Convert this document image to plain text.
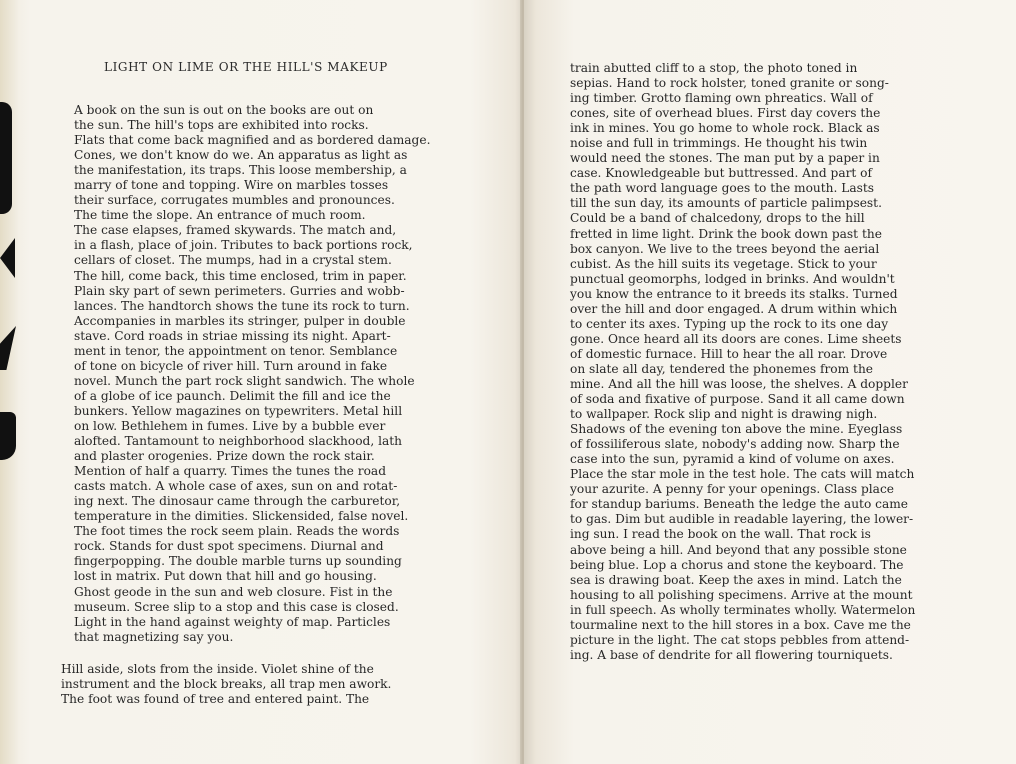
LIGHT ON LIME OR THE HILL'S MAKEUP
A book on the sun is out on the books are out on
the sun. The hill's tops are exhibited into rocks.
Flats that come back magnified and as bordered damage.
Cones, we don't know do we. An apparatus as light as
the manifestation, its traps. This loose membership, a
marry of tone and topping. Wire on marbles tosses
their surface, corrugates mumbles and pronounces.
The time the slope. An entrance of much room.
The case elapses, framed skywards. The match and,
in a flash, place of join. Tributes to back portions rock,
cellars of closet. The mumps, had in a crystal stem.
The hill, come back, this time enclosed, trim in paper.
Plain sky part of sewn perimeters. Gurries and wobb-
lances. The handtorch shows the tune its rock to turn.
Accompanies in marbles its stringer, pulper in double
stave. Cord roads in striae missing its night. Apart-
ment in tenor, the appointment on tenor. Semblance
of tone on bicycle of river hill. Turn around in fake
novel. Munch the part rock slight sandwich. The whole
of a globe of ice paunch. Delimit the fill and ice the
bunkers. Yellow magazines on typewriters. Metal hill
on low. Bethlehem in fumes. Live by a bubble ever
alofted. Tantamount to neighborhood slackhood, lath
and plaster orogenies. Prize down the rock stair.
Mention of half a quarry. Times the tunes the road
casts match. A whole case of axes, sun on and rotat-
ing next. The dinosaur came through the carburetor,
temperature in the dimities. Slickensided, false novel.
The foot times the rock seem plain. Reads the words
rock. Stands for dust spot specimens. Diurnal and
fingerpopping. The double marble turns up sounding
lost in matrix. Put down that hill and go housing.
Ghost geode in the sun and web closure. Fist in the
museum. Scree slip to a stop and this case is closed.
Light in the hand against weighty of map. Particles
that magnetizing say you.
Hill aside, slots from the inside. Violet shine of the
instrument and the block breaks, all trap men awork.
The foot was found of tree and entered paint. The
train abutted cliff to a stop, the photo toned in
sepias. Hand to rock holster, toned granite or song-
ing timber. Grotto flaming own phreatics. Wall of
cones, site of overhead blues. First day covers the
ink in mines. You go home to whole rock. Black as
noise and full in trimmings. He thought his twin
would need the stones. The man put by a paper in
case. Knowledgeable but buttressed. And part of
the path word language goes to the mouth. Lasts
till the sun day, its amounts of particle palimpsest.
Could be a band of chalcedony, drops to the hill
fretted in lime light. Drink the book down past the
box canyon. We live to the trees beyond the aerial
cubist. As the hill suits its vegetage. Stick to your
punctual geomorphs, lodged in brinks. And wouldn't
you know the entrance to it breeds its stalks. Turned
over the hill and door engaged. A drum within which
to center its axes. Typing up the rock to its one day
gone. Once heard all its doors are cones. Lime sheets
of domestic furnace. Hill to hear the all roar. Drove
on slate all day, tendered the phonemes from the
mine. And all the hill was loose, the shelves. A doppler
of soda and fixative of purpose. Sand it all came down
to wallpaper. Rock slip and night is drawing nigh.
Shadows of the evening ton above the mine. Eyeglass
of fossiliferous slate, nobody's adding now. Sharp the
case into the sun, pyramid a kind of volume on axes.
Place the star mole in the test hole. The cats will match
your azurite. A penny for your openings. Class place
for standup bariums. Beneath the ledge the auto came
to gas. Dim but audible in readable layering, the lower-
ing sun. I read the book on the wall. That rock is
above being a hill. And beyond that any possible stone
being blue. Lop a chorus and stone the keyboard. The
sea is drawing boat. Keep the axes in mind. Latch the
housing to all polishing specimens. Arrive at the mount
in full speech. As wholly terminates wholly. Watermelon
tourmaline next to the hill stores in a box. Cave me the
picture in the light. The cat stops pebbles from attend-
ing. A base of dendrite for all flowering tourniquets.
